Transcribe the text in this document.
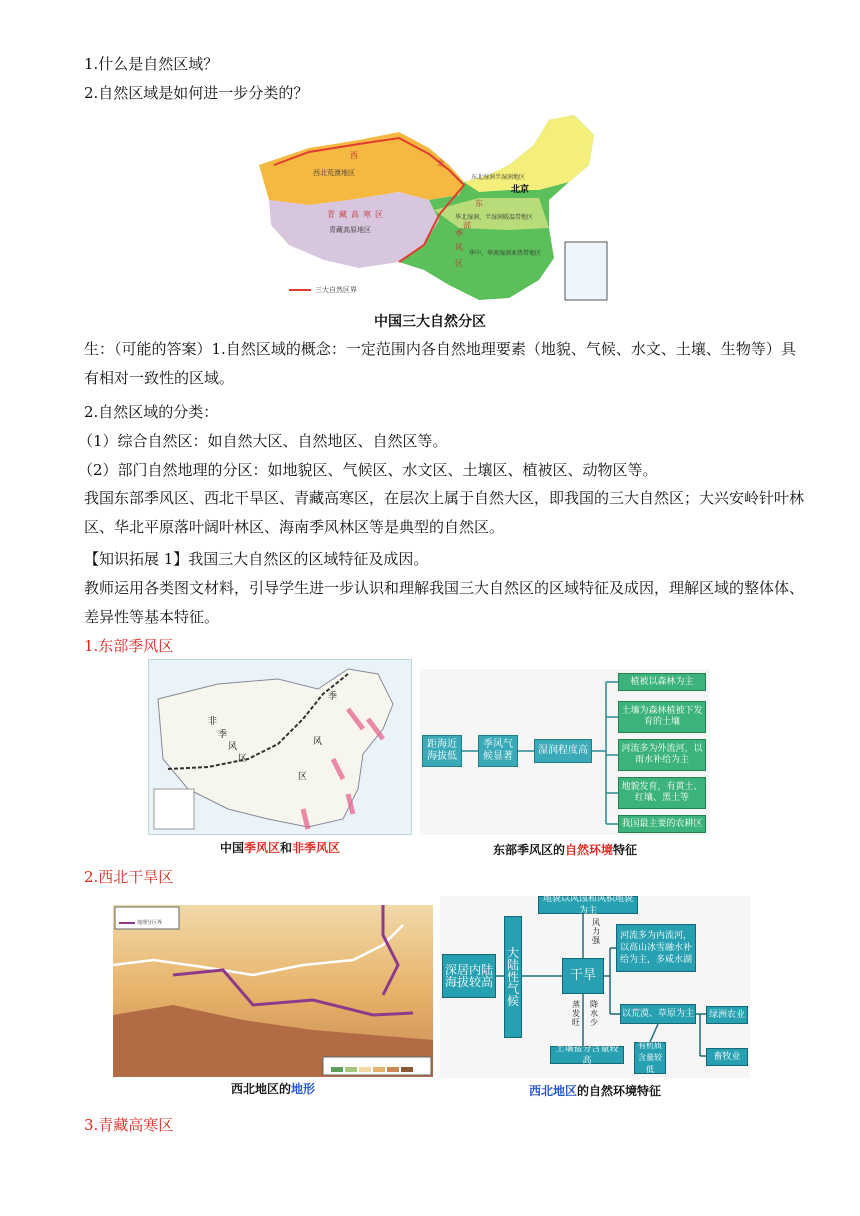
1.什么是自然区域？
2.自然区域是如何进一步分类的？
西
北
西北荒漠地区
东北湿润半湿润地区
北京
青藏高寒区
青藏高原地区
华北湿润、半湿润暖温带地区
东
部
季
风
区
华中、华南湿润亚热带地区
三大自然区界
中国三大自然分区
生：（可能的答案）1.自然区域的概念：一定范围内各自然地理要素（地貌、气候、水文、土壤、生物等）具有相对一致性的区域。
2.自然区域的分类：
（1）综合自然区：如自然大区、自然地区、自然区等。
（2）部门自然地理的分区：如地貌区、气候区、水文区、土壤区、植被区、动物区等。
我国东部季风区、西北干旱区、青藏高寒区，在层次上属于自然大区，即我国的三大自然区；大兴安岭针叶林区、华北平原落叶阔叶林区、海南季风林区等是典型的自然区。
【知识拓展 1】我国三大自然区的区域特征及成因。
教师运用各类图文材料，引导学生进一步认识和理解我国三大自然区的区域特征及成因，理解区域的整体体、差异性等基本特征。
1.东部季风区
非
季
风
区
季
风
区
中国季风区和非季风区
距海近海拔低
季风气候显著
湿润程度高
植被以森林为主
土壤为森林植被下发育的土壤
河流多为外流河，以雨水补给为主
地貌发育，有黄土、红壤、黑土等
我国最主要的农耕区
东部季风区的自然环境特征
2.西北干旱区
地理分区界
西北地区的地形
深居内陆海拔较高
大陆性气候
干旱
地貌以风蚀和风积地貌为主
河流多为内流河，以高山冰雪融水补给为主，多咸水湖
以荒漠、草原为主
土壤盐分含量较高
有机质含量较低
绿洲农业
畜牧业
风力强
蒸发旺
降水少
西北地区的自然环境特征
3.青藏高寒区
